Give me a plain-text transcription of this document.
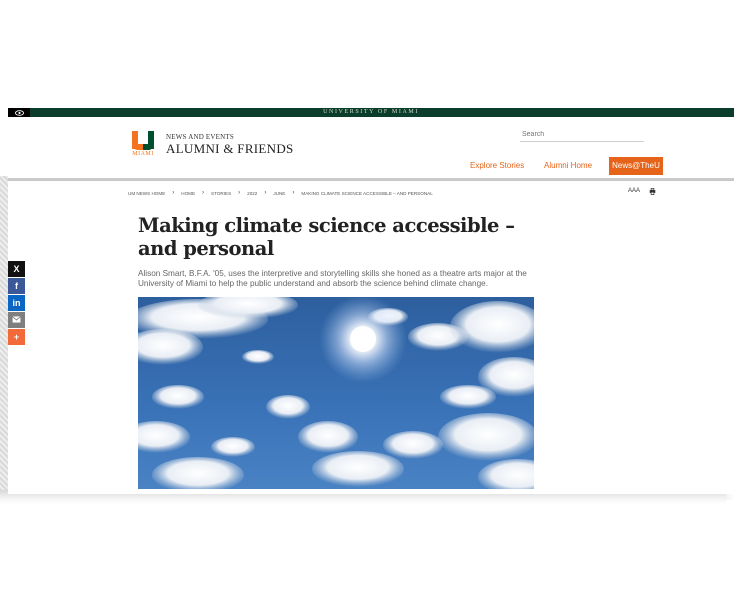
UNIVERSITY OF MIAMI
MIAMI
NEWS AND EVENTS
ALUMNI & FRIENDS
Search
Explore Stories Alumni Home	News@TheU
UM NEWS HOME › HOME › STORIES › 2022 › JUNE › MAKING CLIMATE SCIENCE ACCESSIBLE – AND PERSONAL	AAA
X
f
in
+
Making climate science accessible – and personal

Alison Smart, B.F.A. '05, uses the interpretive and storytelling skills she honed as a theatre arts major at the University of Miami to help the public understand and absorb the science behind climate change.
